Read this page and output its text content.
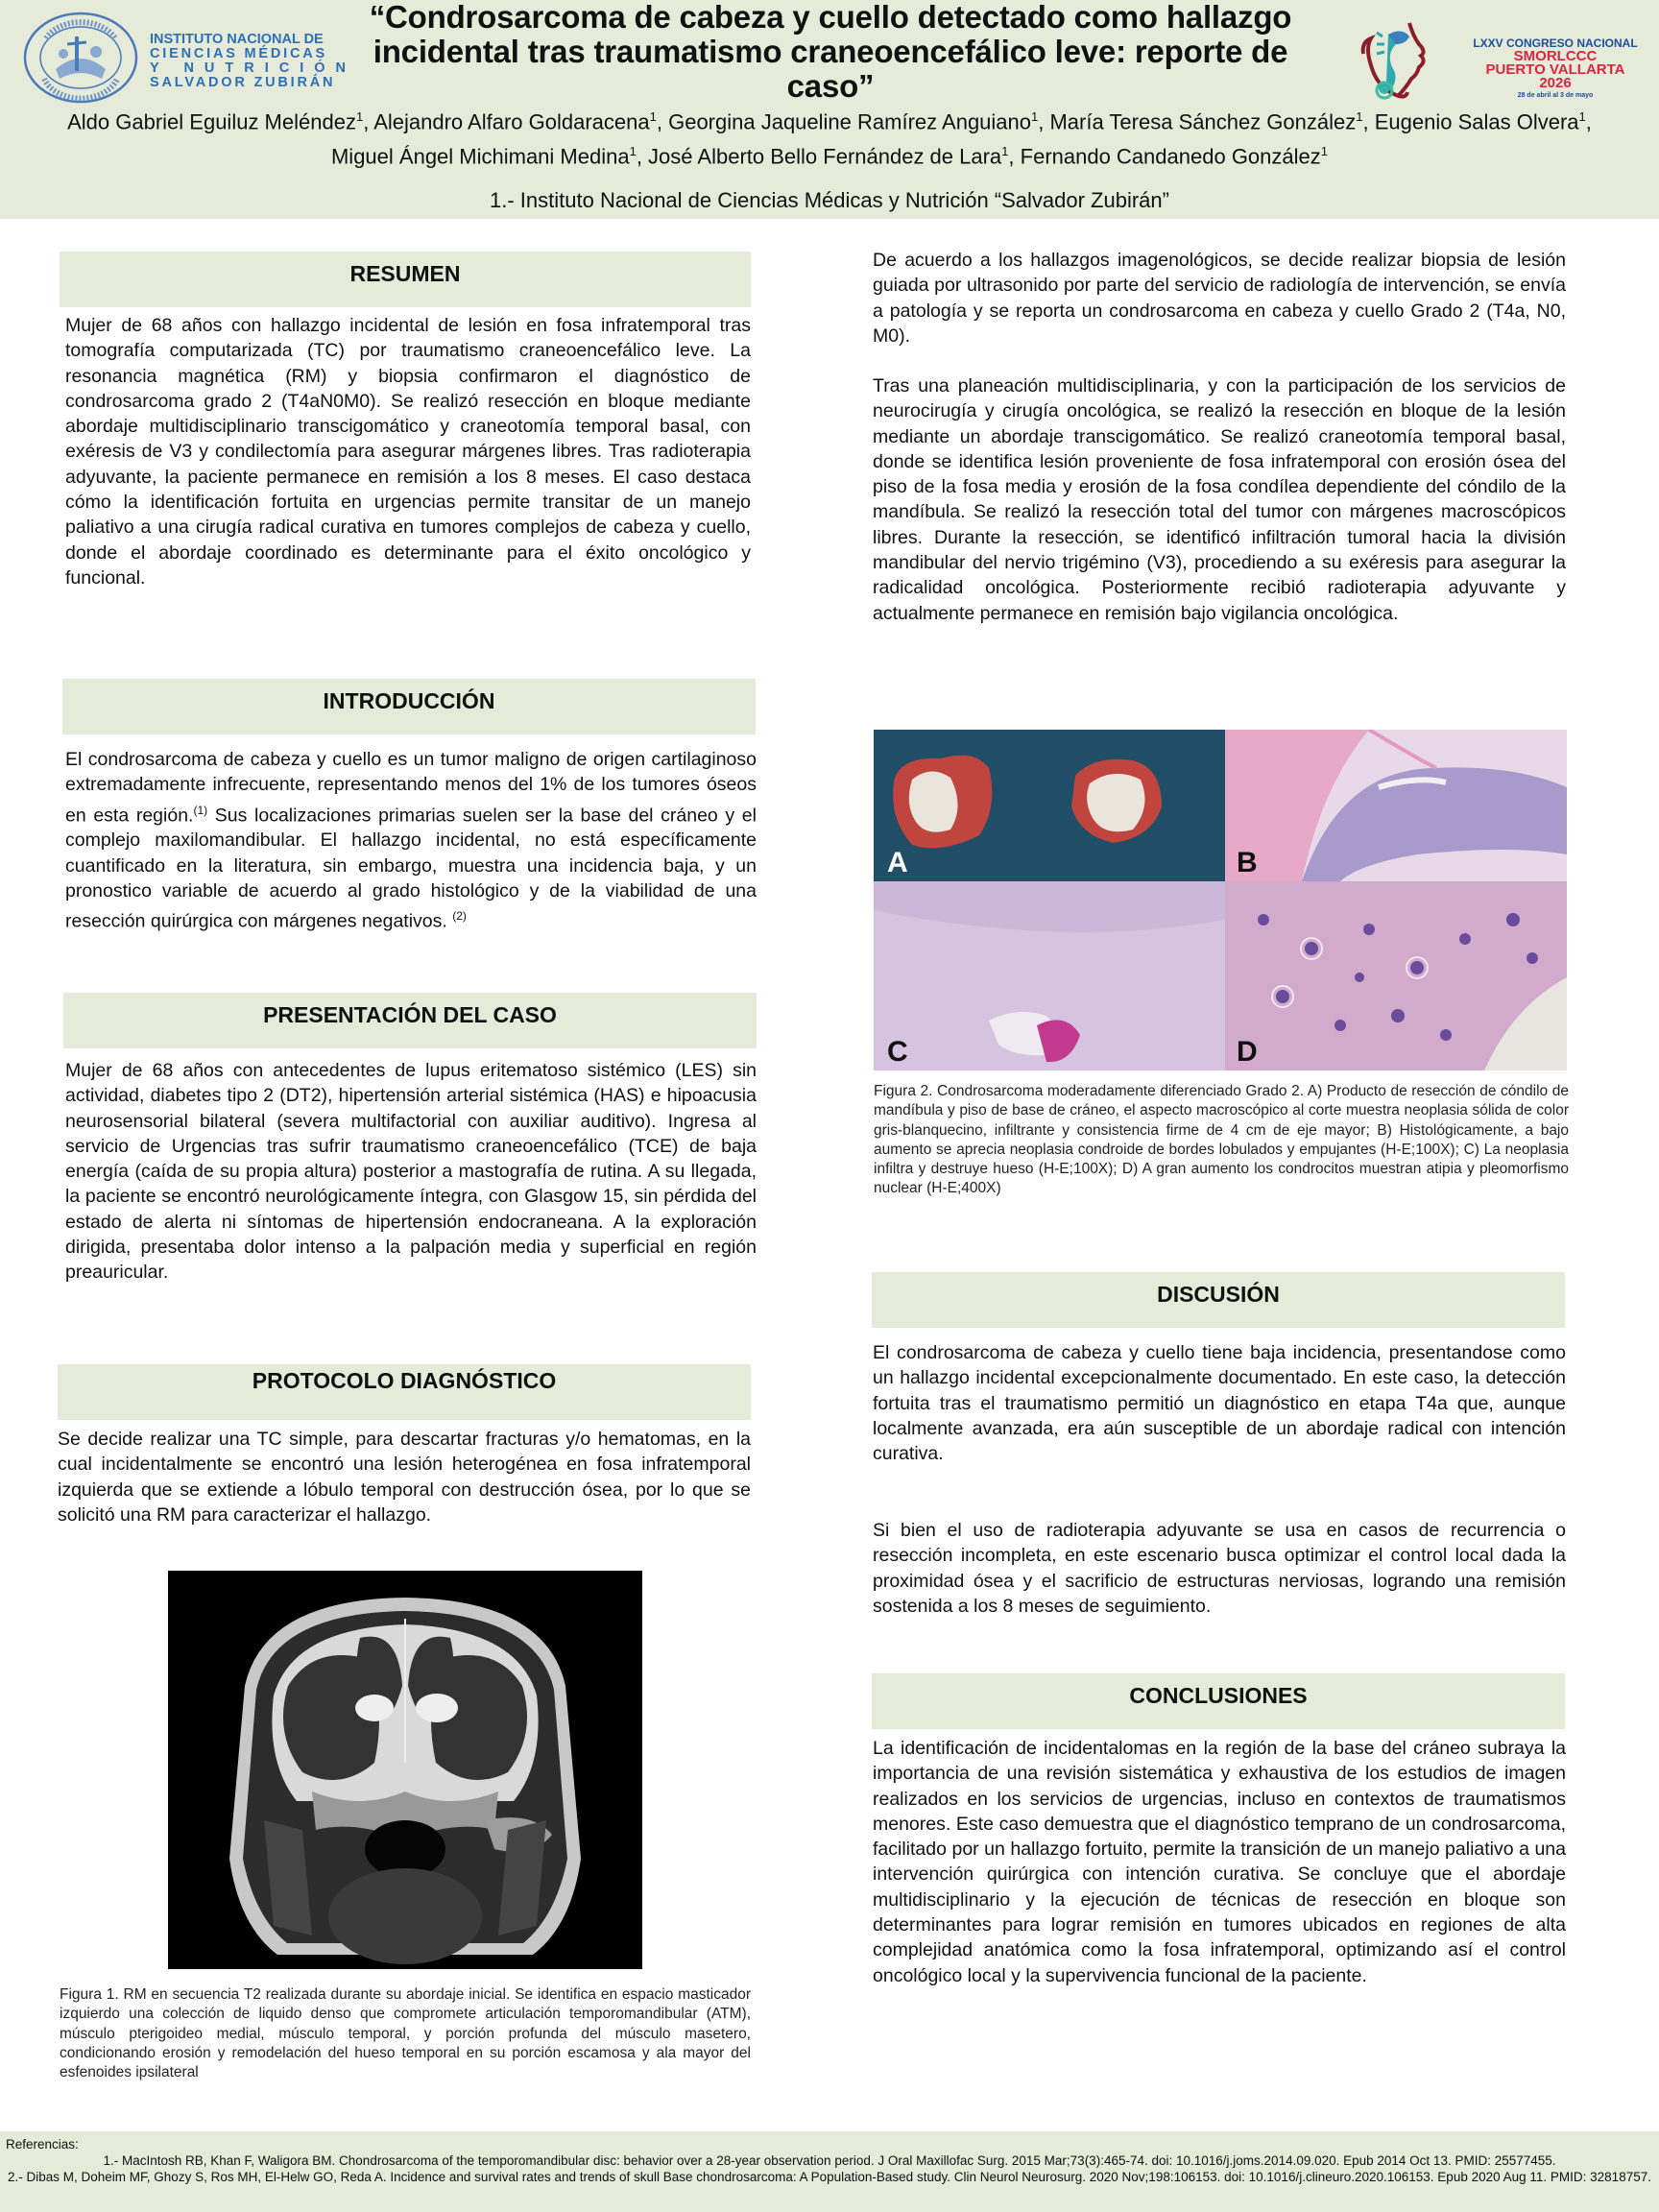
INSTITUTO NACIONAL DE
CIENCIAS MÉDICAS
Y NUTRICIÓN
SALVADOR ZUBIRÁN
“Condrosarcoma de cabeza y cuello detectado como hallazgo incidental tras traumatismo craneoencefálico leve: reporte de caso”
LXXV CONGRESO NACIONAL
SMORLCCC
PUERTO VALLARTA
2026
28 de abril al 3 de mayo
Aldo Gabriel Eguiluz Meléndez$^1$, Alejandro Alfaro Goldaracena$^1$, Georgina Jaqueline Ramírez Anguiano$^1$, María Teresa Sánchez González$^1$, Eugenio Salas Olvera$^1$, Miguel Ángel Michimani Medina$^1$, José Alberto Bello Fernández de Lara$^1$, Fernando Candanedo González$^1$
1.- Instituto Nacional de Ciencias Médicas y Nutrición “Salvador Zubirán”
RESUMEN
Mujer de 68 años con hallazgo incidental de lesión en fosa infratemporal tras tomografía computarizada (TC) por traumatismo craneoencefálico leve. La resonancia magnética (RM) y biopsia confirmaron el diagnóstico de condrosarcoma grado 2 (T4aN0M0). Se realizó resección en bloque mediante abordaje multidisciplinario transcigomático y craneotomía temporal basal, con exéresis de V3 y condilectomía para asegurar márgenes libres. Tras radioterapia adyuvante, la paciente permanece en remisión a los 8 meses. El caso destaca cómo la identificación fortuita en urgencias permite transitar de un manejo paliativo a una cirugía radical curativa en tumores complejos de cabeza y cuello, donde el abordaje coordinado es determinante para el éxito oncológico y funcional.
INTRODUCCIÓN
El condrosarcoma de cabeza y cuello es un tumor maligno de origen cartilaginoso extremadamente infrecuente, representando menos del 1% de los tumores óseos en esta región.$^{(1)}$ Sus localizaciones primarias suelen ser la base del cráneo y el complejo maxilomandibular. El hallazgo incidental, no está específicamente cuantificado en la literatura, sin embargo, muestra una incidencia baja, y un pronostico variable de acuerdo al grado histológico y de la viabilidad de una resección quirúrgica con márgenes negativos. $^{(2)}$
PRESENTACIÓN DEL CASO
Mujer de 68 años con antecedentes de lupus eritematoso sistémico (LES) sin actividad, diabetes tipo 2 (DT2), hipertensión arterial sistémica (HAS) e hipoacusia neurosensorial bilateral (severa multifactorial con auxiliar auditivo). Ingresa al servicio de Urgencias tras sufrir traumatismo craneoencefálico (TCE) de baja energía (caída de su propia altura) posterior a mastografía de rutina. A su llegada, la paciente se encontró neurológicamente íntegra, con Glasgow 15, sin pérdida del estado de alerta ni síntomas de hipertensión endocraneana. A la exploración dirigida, presentaba dolor intenso a la palpación media y superficial en región preauricular.
PROTOCOLO DIAGNÓSTICO
Se decide realizar una TC simple, para descartar fracturas y/o hematomas, en la cual incidentalmente se encontró una lesión heterogénea en fosa infratemporal izquierda que se extiende a lóbulo temporal con destrucción ósea, por lo que se solicitó una RM para caracterizar el hallazgo.
Figura 1. RM en secuencia T2 realizada durante su abordaje inicial. Se identifica en espacio masticador izquierdo una colección de liquido denso que compromete articulación temporomandibular (ATM), músculo pterigoideo medial, músculo temporal, y porción profunda del músculo masetero, condicionando erosión y remodelación del hueso temporal en su porción escamosa y ala mayor del esfenoides ipsilateral
De acuerdo a los hallazgos imagenológicos, se decide realizar biopsia de lesión guiada por ultrasonido por parte del servicio de radiología de intervención, se envía a patología y se reporta un condrosarcoma en cabeza y cuello Grado 2 (T4a, N0, M0).
Tras una planeación multidisciplinaria, y con la participación de los servicios de neurocirugía y cirugía oncológica, se realizó la resección en bloque de la lesión mediante un abordaje transcigomático. Se realizó craneotomía temporal basal, donde se identifica lesión proveniente de fosa infratemporal con erosión ósea del piso de la fosa media y erosión de la fosa condílea dependiente del cóndilo de la mandíbula. Se realizó la resección total del tumor con márgenes macroscópicos libres. Durante la resección, se identificó infiltración tumoral hacia la división mandibular del nervio trigémino (V3), procediendo a su exéresis para asegurar la radicalidad oncológica. Posteriormente recibió radioterapia adyuvante y actualmente permanece en remisión bajo vigilancia oncológica.
A	B
C	D
Figura 2. Condrosarcoma moderadamente diferenciado Grado 2. A) Producto de resección de cóndilo de mandíbula y piso de base de cráneo, el aspecto macroscópico al corte muestra neoplasia sólida de color gris-blanquecino, infiltrante y consistencia firme de 4 cm de eje mayor; B) Histológicamente, a bajo aumento se aprecia neoplasia condroide de bordes lobulados y empujantes (H-E;100X); C) La neoplasia infiltra y destruye hueso (H-E;100X); D) A gran aumento los condrocitos muestran atipia y pleomorfismo nuclear (H-E;400X)
DISCUSIÓN
El condrosarcoma de cabeza y cuello tiene baja incidencia, presentandose como un hallazgo incidental excepcionalmente documentado. En este caso, la detección fortuita tras el traumatismo permitió un diagnóstico en etapa T4a que, aunque localmente avanzada, era aún susceptible de un abordaje radical con intención curativa.
Si bien el uso de radioterapia adyuvante se usa en casos de recurrencia o resección incompleta, en este escenario busca optimizar el control local dada la proximidad ósea y el sacrificio de estructuras nerviosas, logrando una remisión sostenida a los 8 meses de seguimiento.
CONCLUSIONES
La identificación de incidentalomas en la región de la base del cráneo subraya la importancia de una revisión sistemática y exhaustiva de los estudios de imagen realizados en los servicios de urgencias, incluso en contextos de traumatismos menores. Este caso demuestra que el diagnóstico temprano de un condrosarcoma, facilitado por un hallazgo fortuito, permite la transición de un manejo paliativo a una intervención quirúrgica con intención curativa. Se concluye que el abordaje multidisciplinario y la ejecución de técnicas de resección en bloque son determinantes para lograr remisión en tumores ubicados en regiones de alta complejidad anatómica como la fosa infratemporal, optimizando así el control oncológico local y la supervivencia funcional de la paciente.
Referencias:
1.- MacIntosh RB, Khan F, Waligora BM. Chondrosarcoma of the temporomandibular disc: behavior over a 28-year observation period. J Oral Maxillofac Surg. 2015 Mar;73(3):465-74. doi: 10.1016/j.joms.2014.09.020. Epub 2014 Oct 13. PMID: 25577455.
2.- Dibas M, Doheim MF, Ghozy S, Ros MH, El-Helw GO, Reda A. Incidence and survival rates and trends of skull Base chondrosarcoma: A Population-Based study. Clin Neurol Neurosurg. 2020 Nov;198:106153. doi: 10.1016/j.clineuro.2020.106153. Epub 2020 Aug 11. PMID: 32818757.
